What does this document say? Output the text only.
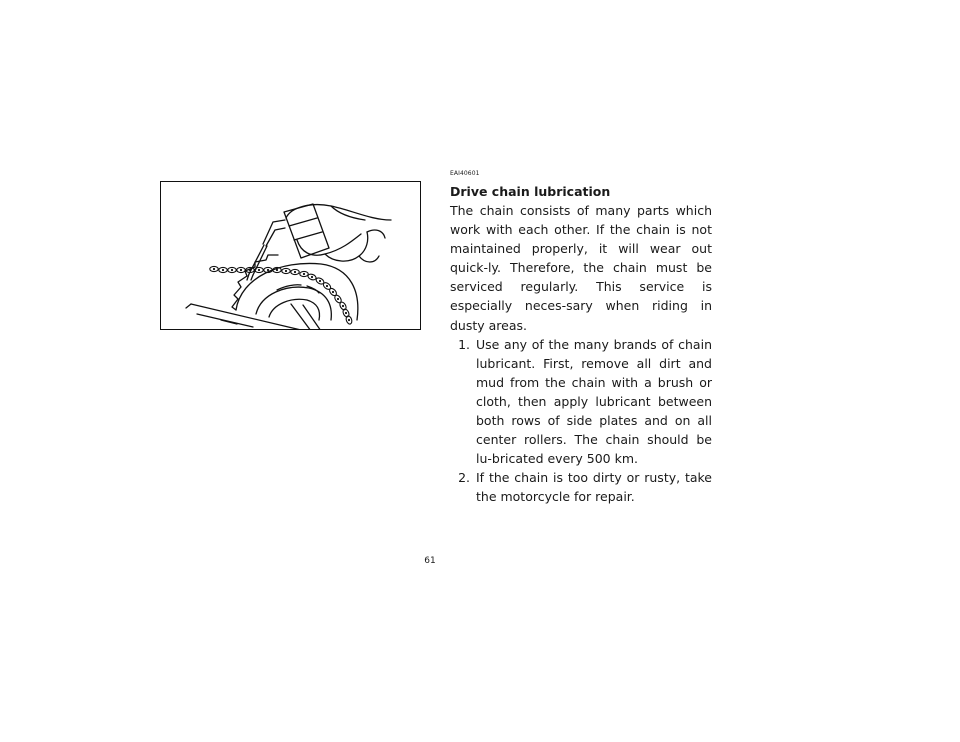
EAI40601
Drive chain lubrication

The chain consists of many parts which work with each other. If the chain is not maintained properly, it will wear out quick-ly. Therefore, the chain must be serviced regularly. This service is especially neces-sary when riding in dusty areas.

1. Use any of the many brands of chain lubricant. First, remove all dirt and mud from the chain with a brush or cloth, then apply lubricant between both rows of side plates and on all center rollers. The chain should be lu-bricated every 500 km.
2. If the chain is too dirty or rusty, take the motorcycle for repair.
61
